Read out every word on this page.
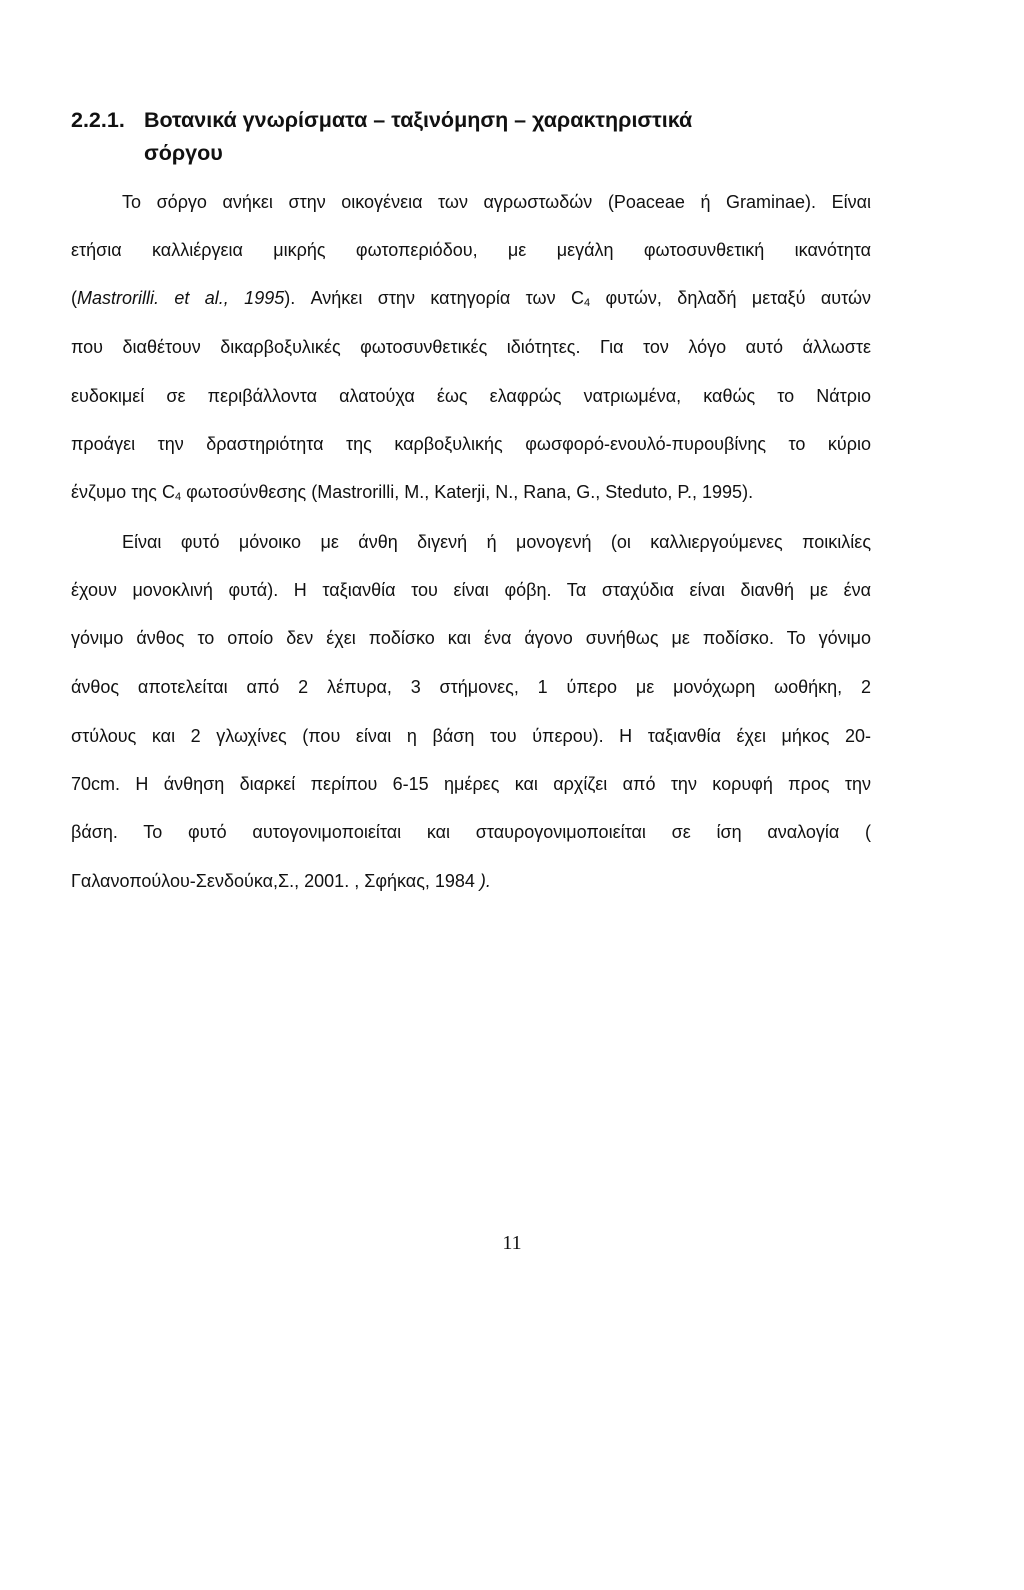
2.2.1. Βοτανικά γνωρίσματα – ταξινόμηση – χαρακτηριστικά
σόργου
Το σόργο ανήκει στην οικογένεια των αγρωστωδών (Poaceae ή Graminae). Είναι
ετήσια καλλιέργεια μικρής φωτοπεριόδου, με μεγάλη φωτοσυνθετική ικανότητα
(Mastrorilli. et al., 1995). Ανήκει στην κατηγορία των $C_4$ φυτών, δηλαδή μεταξύ αυτών
που διαθέτουν δικαρβοξυλικές φωτοσυνθετικές ιδιότητες. Για τον λόγο αυτό άλλωστε
ευδοκιμεί σε περιβάλλοντα αλατούχα έως ελαφρώς νατριωμένα, καθώς το Νάτριο
προάγει την δραστηριότητα της καρβοξυλικής φωσφορό-ενουλό-πυρουβίνης το κύριο
ένζυμο της $C_4$ φωτοσύνθεσης (Mastrorilli, M., Katerji, N., Rana, G., Steduto, P., 1995).
Είναι φυτό μόνοικο με άνθη διγενή ή μονογενή (οι καλλιεργούμενες ποικιλίες
έχουν μονοκλινή φυτά). Η ταξιανθία του είναι φόβη. Τα σταχύδια είναι διανθή με ένα
γόνιμο άνθος το οποίο δεν έχει ποδίσκο και ένα άγονο συνήθως με ποδίσκο. Το γόνιμο
άνθος αποτελείται από 2 λέπυρα, 3 στήμονες, 1 ύπερο με μονόχωρη ωοθήκη, 2
στύλους και 2 γλωχίνες (που είναι η βάση του ύπερου). Η ταξιανθία έχει μήκος 20-
70cm. Η άνθηση διαρκεί περίπου 6-15 ημέρες και αρχίζει από την κορυφή προς την
βάση. Το φυτό αυτογονιμοποιείται και σταυρογονιμοποιείται σε ίση αναλογία (
Γαλανοπούλου-Σενδούκα,Σ., 2001. , Σφήκας, 1984 ).
11
